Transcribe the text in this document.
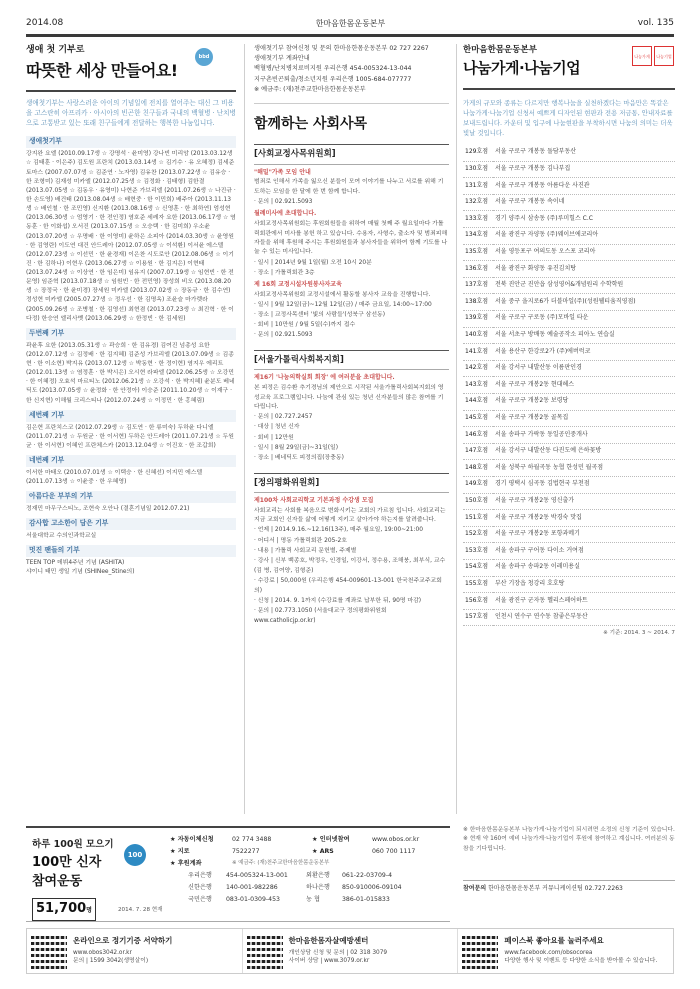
2014.08	한마음한몸운동본부	vol. 135
생애 첫 기부로
따뜻한 세상 만들어요!
생애첫기부는 사랑스러운 아이의 기념일에 전치를 열어주는 대신 그 비용을 고스란히 아프리카 · 아시아의 빈곤한 친구들과 국내의 백혈병 · 난치병으로 고통받고 있는 또래 친구들에게 전달하는 행복한 나눔입니다.
생애첫기부
강지완 요엘 (2010.09.17생 ☆ 강명석 · 윤미영) 강나빈 미리암 (2013.03.12생 ☆ 김태훈 · 이은주) 김도원 프란치 (2013.03.14생 ☆ 김기수 · 유 오혜정) 김세준 토마스 (2007.07.07생 ☆ 김준연 · 노자영) 김유찬 (2013.07.22생 ☆ 김유승 · 한 조형미) 김재성 미카엘 (2012.07.25생 ☆ 김정화 · 김태형) 김한결 (2013.07.05생 ☆ 김동우 · 유영미) 나현준 가브리엘 (2011.07.26생 ☆ 나진규 · 한 손도영) 배건태 (2013.08.04생 ☆ 배현중 · 한 이민희) 배주아 (2013.11.13생 ☆ 배인철 · 한 조민영) 신지환 (2013.08.16생 ☆ 신영훈 · 한 최하연) 엄성현 (2013.06.30생 ☆ 엄영기 · 한 전인정) 염호준 세레자 요한 (2013.06.17생 ☆ 염동훈 · 한 이화섭) 오서진 (2013.07.15생 ☆ 오승택 · 한 김미희) 우소윤 (2013.07.20생 ☆ 우명배 · 한 이영미) 윤하은 소피아 (2014.03.30생 ☆ 윤영원 · 한 김영란) 이도연 대건 안드레아 (2012.07.05생 ☆ 이석환) 이서윤 에스델 (2012.07.23생 ☆ 이선민 · 한 윤경재) 이은찬 시도로안 (2012.08.06생 ☆ 이기진 · 한 김하나) 이현우 (2013.06.27생 ☆ 이용원 · 한 김지은) 이현태 (2013.07.24생 ☆ 이상연 · 한 임은미) 임유지 (2007.07.19생 ☆ 임현빈 · 한 전문영) 임준혁 (2013.07.18생 ☆ 임원빈 · 한 전민영) 장성희 비오 (2013.08.20생 ☆ 장정국 · 한 윤미경) 장세원 미카엘 (2013.07.02생 ☆ 장동규 · 한 김수연) 정성현 미카엘 (2005.07.27생 ☆ 정우선 · 한 김명옥) 조윤슬 마가렛라 (2005.09.26생 ☆ 조병철 · 한 김영선) 최현겸 (2013.07.23생 ☆ 최진혁 · 한 이다정) 한승연 엘리사벳 (2013.06.29생 ☆ 한정빈 · 한 김세원)
두번째 기부
곽윤후 요한 (2013.05.31생 ☆ 곽승희 · 한 김유경) 김여진 넘총성 요한 (2012.07.12생 ☆ 김정배 · 한 김지혜) 김준성 가브리엘 (2013.07.09생 ☆ 김종현 · 한 이소현) 박지유 (2013.07.12생 ☆ 박동현 · 한 정이현) 염지우 에리트 (2012.01.13생 ☆ 염정훈 · 한 박시은) 오시현 라파엘 (2012.06.25생 ☆ 오강민 · 한 이혜정) 오효석 마르티노 (2012.06.21생 ☆ 오강석 · 한 박지혜) 윤분도 베네딕도 (2013.07.05생 ☆ 윤정화 · 한 안정아) 이승준 (2011.10.20생 ☆ 이재구 · 한 신지현) 이해월 크리스티나 (2012.07.24생 ☆ 이정민 · 한 홍혜림)
세번째 기부
김은현 프란치스코 (2012.07.29생 ☆ 김도연 · 한 류미숙) 두하윤 다니엘 (2011.07.21생 ☆ 두원균 · 한 이서현) 두하은 안드레아 (2011.07.21생 ☆ 두원균 · 한 이서현) 이혜인 프란체스카 (2013.12.04생 ☆ 이진호 · 한 조갑희)
네번째 기부
이서한 마태오 (2010.07.01생 ☆ 이택승 · 한 신혜선) 이지민 에스델 (2011.07.13생 ☆ 이윤중 · 한 우혜영)
아름다운 부부의 기부
정재민 마무구스티노, 조현숙 오안나 (결혼기념일 2012.07.21)
감사합 고소한이 담은 기부
서울대학교 수의인과학교실
멋진 팬들의 기부
TEEN TOP 데뷔4주년 기념 (ASHITA)
샤이니 태민 생일 기념 (SHINee_Stine의)
bbd
생애첫기부 참여신청 및 문의 한마음한몸운동본부 02 727 2267
생애첫기부 계좌안내
백혈병/난치병치료비지원 우리은행 454-005324-13-044
지구촌빈곤퇴출/청소년지원 우리은행 1005-684-077777
※ 예금주: (재)천주교한마음한몸운동본부
함께하는 사회사목
[사회교정사목위원회]
"해밀"가족 모임 안내
범죄로 인해서 가족을 잃으신 분들이 모여 이야기를 나누고 서로를 위해 기도하는 모임을 한 달에 한 번 함께 합니다.
· 문의 | 02.921.5093
월례미사에 초대합니다.
사회교정사목위원회는 후원회원들을 위하여 매월 첫째 주 월요일마다 가톨릭회관에서 미사를 봉헌 하고 있습니다. 수용자, 사형수, 출소자 및 범죄피해자들을 위해 후원해 주시는 후원회원들과 봉사자들을 위하여 함께 기도를 나눌 수 있는 미사입니다.
· 일시 | 2014년 9월 1일(월) 오전 10시 20분
· 장소 | 가톨릭회관 3층
제 16회 교정시설자원봉사자교육
사회교정사목위원회 교정시설에서 활동할 봉사자 교육을 진행합니다.
· 일시 | 9월 12일(금)~12월 12일(금) / 매주 금요일, 14:00~17:00
· 장소 | 교정사목센터 '빛의 사람들'(성북구 삼선동)
· 회비 | 10만원 / 9월 5일(수)까지 접수
· 문의 | 02.921.5093
[서울가톨릭사회복지회]
제16기 '나눔의학실회 회장' 에 여러분을 초대합니다.
본 피정은 김수환 추기경님의 제안으로 시작된 서울가톨릭사회복지회의 영성교육 프로그램입니다. 나눔에 관심 있는 청년 신자분들의 많은 참여를 기다립니다.
· 문의 | 02.727.2457
· 대상 | 청년 신자
· 회비 | 12만원
· 일시 | 8월 29일(금)~31일(일)
· 장소 | 베네딕도 피정의집(장충동)
[정의평화위원회]
제100차 사회교리학교 기본과정 수강생 모집
사회교리는 사회를 복음으로 변화시키는 교회의 가르침 입니다. 사회교리는 지금 교회인 신자들 삶에 어떻게 지키고 살아가야 하는지를 알려줍니다.
· 언제 | 2014.9.16.~12.16(13주), 매주 월요일, 19:00~21:00
· 어디서 | 명동 가톨릭회관 205-2호
· 내용 | 가톨릭 사회교리 문헌별, 주제별
· 강사 | 신부 백종호, 박정우, 인경일, 이강서, 정수용, 조해붕, 최부식, 교수 (김 병, 김여양, 김형준)
· 수강료 | 50,000원 (우리은행 454-009601-13-001 한국천주교주교회의)
· 신청 | 2014. 9. 1까지 (수강료를 계좌로 납부한 뒤, 90명 마감)
· 문의 | 02.773.1050 (서울대교구 정의평화위원회 www.catholicjp.or.kr)
한마음한몸운동본부
나눔가게·나눔기업
나눔가게	나눔기업
가게의 규모와 종류는 다르지만 행복나눔을 실천하겠다는 마음만은 똑같은 나눔가게·나눔기업 신청서 예쁘게 디자인된 현판과 전용 저금통, 안내자료를 보내드립니다. 카운터 및 입구에 나눔현판을 부착하시면 나눔의 의미는 더욱 빛날 것입니다.
129호점	서울 구로구 개봉동 돌담부동산
130호점	서울 구로구 개봉동 김나부집
131호점	서울 구로구 개봉동 아름다운 사진관
132호점	서울 구로구 개봉동 속이네
133호점	경기 양주시 삼송동 (주)루미힐스 C.C
134호점	서울 광진구 자양동 (주)웨이브에코리아
135호점	서울 영등포구 여의도동 오스포 코리아
136호점	서울 광진구 화양동 유진김치탕
137호점	전북 진안군 진안읍 삼성영어&개념원리 수학학원
138호점	서울 중구 을지로6가 더블마일(주)(성원웰티움직영점)
139호점	서울 구로구 구로동 (주)모바일 타운
140호점	서울 서초구 방배동 예술공작소 피아노 연습실
141호점	서울 용산구 한강로2가 (주)에버럭코
142호점	서울 강서구 내발산동 이름판인경
143호점	서울 구로구 개봉2동 현대헤스
144호점	서울 구로구 개봉2동 보령당
145호점	서울 구로구 개봉2동 골목집
146호점	서울 송파구 가락동 동일공인중개사
147호점	서울 강서구 내발산동 다진도예 은하꽃방
148호점	서울 성북구 하월곡동 농협 한성민 월곡점
149호점	경기 평택시 심곡동 김법현국 부천점
150호점	서울 구로구 개봉2동 영신출가
151호점	서울 구로구 개봉2동 박경숙 맛집
152호점	서울 구로구 개봉2동 포항과메기
153호점	서울 송파구 구어동 다이소 거여점
154호점	서울 송파구 송파2동 이레미용실
155호점	부산 기장읍 청강리 호호탕
156호점	서울 광진구 군자동 헬리스페어하트
157호점	인천시 연수구 연수동 참좋은부동산
※ 기준: 2014. 3 ~ 2014. 7
하루 100원 모으기
100만 신자
참여운동
100
51,700명	2014. 7. 28 현재
★ 자동이체신청	02 774 3488	★ 인터넷참여	www.obos.or.kr
★ 지로	7522277	★ ARS	060 700 1117
★ 후원계좌	※ 예금주: (재)천주교한마음한몸운동본부
우리은행	454-005324-13-001	외환은행	061-22-03709-4
신한은행	140-001-982286	하나은행	850-910006-09104
국민은행	083-01-0309-453	농 협	386-01-015833
※ 한마음한몸운동본부 나눔가게·나눔기업이 되시려면 소정의 신청 기준이 있습니다.
※ 현재 약 160여 예비 나눔가게·나눔기업이 후원에 참여하고 계십니다. 여러분의 동참을 기다립니다.
참여문의 한마음한몸운동본부 커뮤니케이션팀 02.727.2263
온라인으로 정기기증 서약하기
www.obos3042.or.kr
문의 | 1599 3042(생명살이)
한마음한몸자살예방센터
개인상담 신청 및 문의 | 02 318 3079
사이버 상담 | www.3079.or.kr
페이스북 좋아요를 눌러주세요
www.facebook.com/obsocorea
다양한 행사 및 이벤트 등 다양한 소식을 받아볼 수 있습니다.
